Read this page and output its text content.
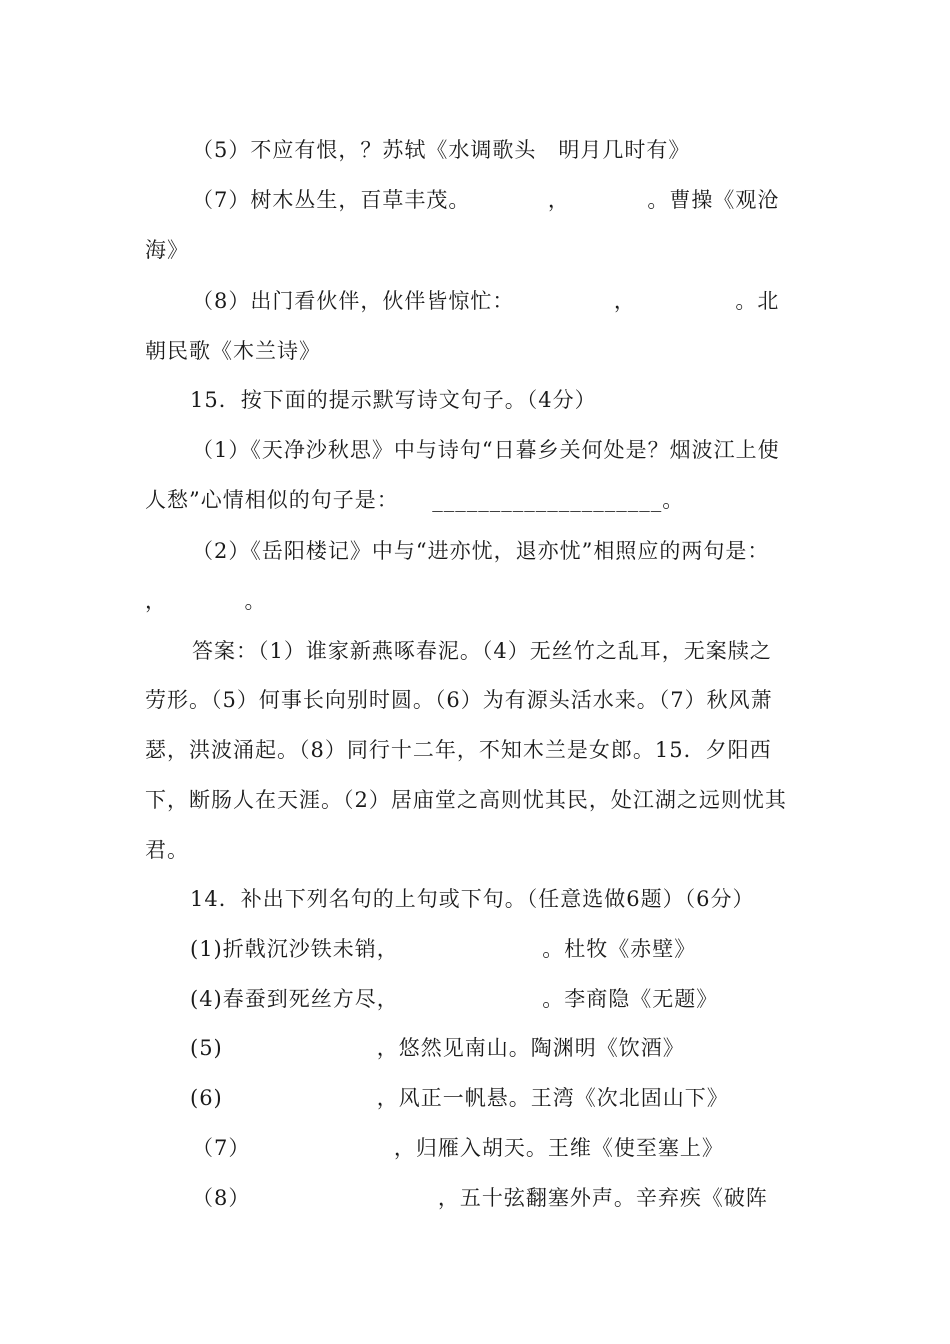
（5）不应有恨，？苏轼《水调歌头　明月几时有》
（7）树木丛生，百草丰茂。　　　　，　　　　。曹操《观沧
海》
（8）出门看伙伴，伙伴皆惊忙：　　　　　，　　　　　。北
朝民歌《木兰诗》
15．按下面的提示默写诗文句子。（4分）
（1）《天净沙秋思》中与诗句“日暮乡关何处是？烟波江上使
人愁”心情相似的句子是：　　____________________。
（2）《岳阳楼记》中与“进亦忧，退亦忧”相照应的两句是：
，　　　　。
答案：（1）谁家新燕啄春泥。（4）无丝竹之乱耳，无案牍之
劳形。（5）何事长向别时圆。（6）为有源头活水来。（7）秋风萧
瑟，洪波涌起。（8）同行十二年，不知木兰是女郎。15．夕阳西
下，断肠人在天涯。（2）居庙堂之高则忧其民，处江湖之远则忧其
君。
14．补出下列名句的上句或下句。（任意选做6题）（6分）
(1)折戟沉沙铁未销，　　　　　　　。杜牧《赤壁》
(4)春蚕到死丝方尽，　　　　　　　。李商隐《无题》
(5)　　　　　　　，悠然见南山。陶渊明《饮酒》
(6)　　　　　　　，风正一帆悬。王湾《次北固山下》
（7）　　　　　　　，归雁入胡天。王维《使至塞上》
（8）　　　　　　　　　，五十弦翻塞外声。辛弃疾《破阵
